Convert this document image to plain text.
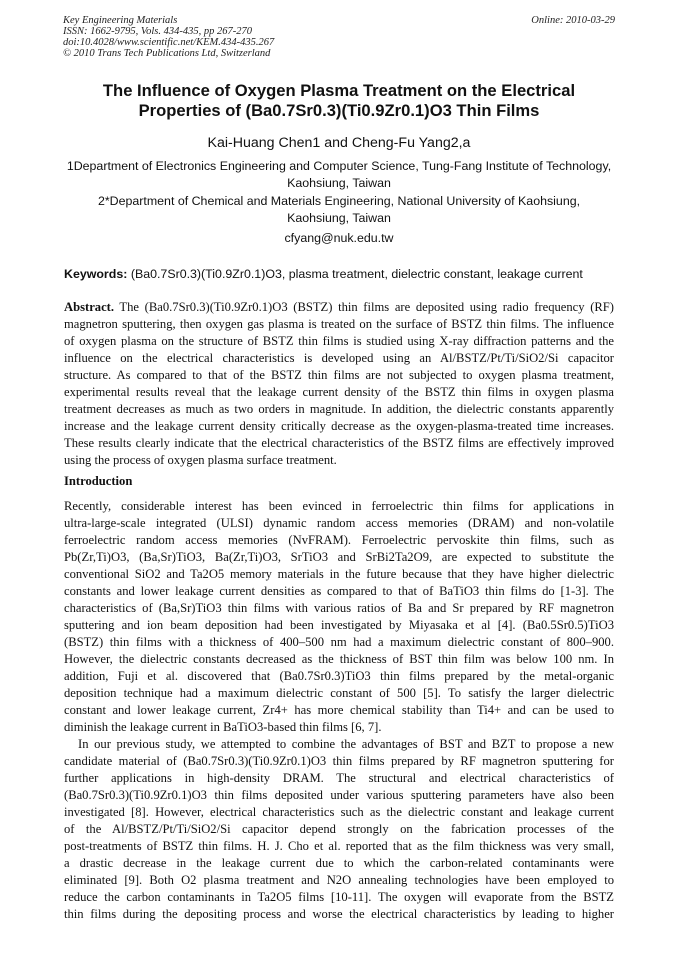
Key Engineering Materials
ISSN: 1662-9795, Vols. 434-435, pp 267-270
doi:10.4028/www.scientific.net/KEM.434-435.267
© 2010 Trans Tech Publications Ltd, Switzerland
Online: 2010-03-29
The Influence of Oxygen Plasma Treatment on the Electrical
Properties of (Ba0.7Sr0.3)(Ti0.9Zr0.1)O3 Thin Films
Kai-Huang Chen1 and Cheng-Fu Yang2,a
1Department of Electronics Engineering and Computer Science, Tung-Fang Institute of Technology,
Kaohsiung, Taiwan
2*Department of Chemical and Materials Engineering, National University of Kaohsiung,
Kaohsiung, Taiwan
cfyang@nuk.edu.tw
Keywords: (Ba0.7Sr0.3)(Ti0.9Zr0.1)O3, plasma treatment, dielectric constant, leakage current
Abstract. The (Ba0.7Sr0.3)(Ti0.9Zr0.1)O3 (BSTZ) thin films are deposited using radio frequency (RF)
magnetron sputtering, then oxygen gas plasma is treated on the surface of BSTZ thin films. The influence
of oxygen plasma on the structure of BSTZ thin films is studied using X-ray diffraction patterns and the
influence on the electrical characteristics is developed using an Al/BSTZ/Pt/Ti/SiO2/Si capacitor
structure. As compared to that of the BSTZ thin films are not subjected to oxygen plasma treatment,
experimental results reveal that the leakage current density of the BSTZ thin films in oxygen plasma
treatment decreases as much as two orders in magnitude. In addition, the dielectric constants apparently
increase and the leakage current density critically decrease as the oxygen-plasma-treated time increases.
These results clearly indicate that the electrical characteristics of the BSTZ films are effectively improved
using the process of oxygen plasma surface treatment.
Introduction
Recently, considerable interest has been evinced in ferroelectric thin films for applications in
ultra-large-scale integrated (ULSI) dynamic random access memories (DRAM) and non-volatile
ferroelectric random access memories (NvFRAM). Ferroelectric pervoskite thin films, such as
Pb(Zr,Ti)O3, (Ba,Sr)TiO3, Ba(Zr,Ti)O3, SrTiO3 and SrBi2Ta2O9, are expected to substitute the
conventional SiO2 and Ta2O5 memory materials in the future because that they have higher dielectric
constants and lower leakage current densities as compared to that of BaTiO3 thin films do [1-3]. The
characteristics of (Ba,Sr)TiO3 thin films with various ratios of Ba and Sr prepared by RF magnetron
sputtering and ion beam deposition had been investigated by Miyasaka et al [4]. (Ba0.5Sr0.5)TiO3
(BSTZ) thin films with a thickness of 400–500 nm had a maximum dielectric constant of 800–900.
However, the dielectric constants decreased as the thickness of BST thin film was below 100 nm. In
addition, Fuji et al. discovered that (Ba0.7Sr0.3)TiO3 thin films prepared by the metal-organic
deposition technique had a maximum dielectric constant of 500 [5]. To satisfy the larger dielectric
constant and lower leakage current, Zr4+ has more chemical stability than Ti4+ and can be used to
diminish the leakage current in BaTiO3-based thin films [6, 7].
In our previous study, we attempted to combine the advantages of BST and BZT to propose a new
candidate material of (Ba0.7Sr0.3)(Ti0.9Zr0.1)O3 thin films prepared by RF magnetron sputtering for
further applications in high-density DRAM. The structural and electrical characteristics of
(Ba0.7Sr0.3)(Ti0.9Zr0.1)O3 thin films deposited under various sputtering parameters have also been
investigated [8]. However, electrical characteristics such as the dielectric constant and leakage current
of the Al/BSTZ/Pt/Ti/SiO2/Si capacitor depend strongly on the fabrication processes of the
post-treatments of BSTZ thin films. H. J. Cho et al. reported that as the film thickness was very small,
a drastic decrease in the leakage current due to which the carbon-related contaminants were
eliminated [9]. Both O2 plasma treatment and N2O annealing technologies have been employed to
reduce the carbon contaminants in Ta2O5 films [10-11]. The oxygen will evaporate from the BSTZ
thin films during the depositing process and worse the electrical characteristics by leading to higher
